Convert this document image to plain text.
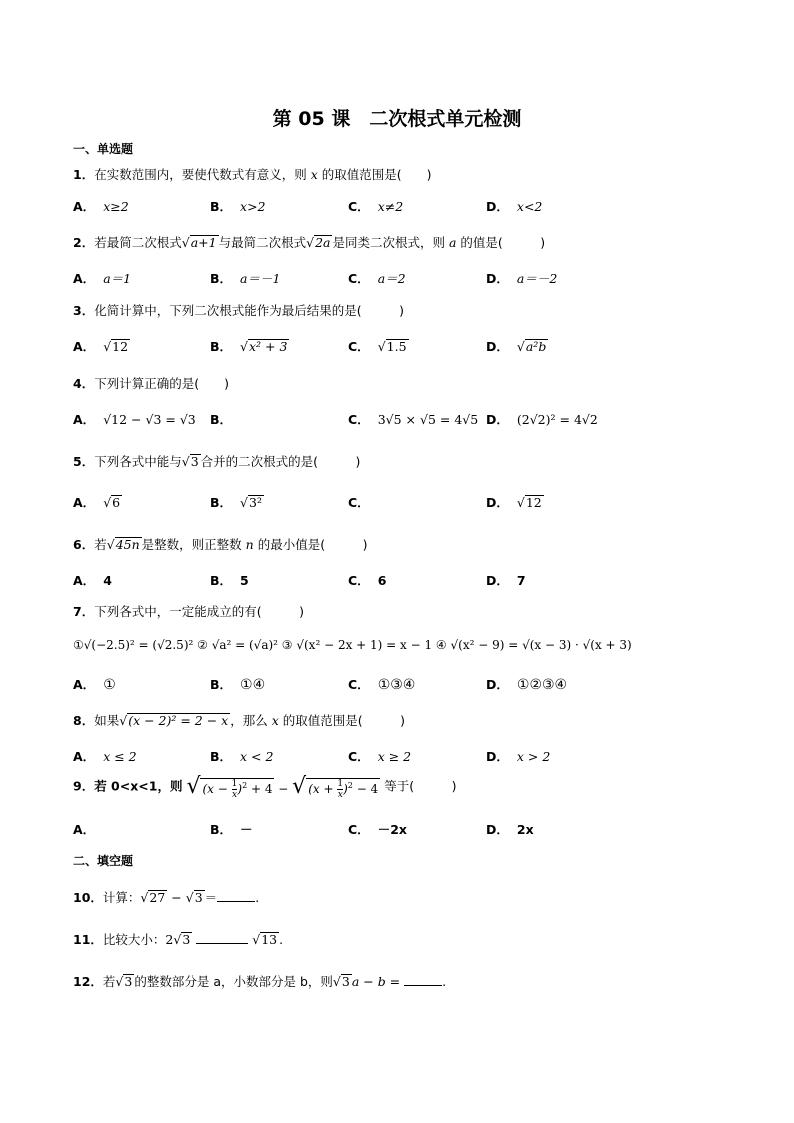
第 05 课　二次根式单元检测
一、单选题
1．在实数范围内，要使代数式有意义，则 x 的取值范围是(　　)
A． x≥2	B． x>2	C． x≠2	D． x<2
2．若最简二次根式√a+1 与最简二次根式√2a 是同类二次根式，则 a 的值是(　　　)
A． a＝1	B． a＝－1	C． a＝2	D． a＝－2
3．化简计算中，下列二次根式能作为最后结果的是(　　　)
A． √12	B． √x² + 3	C． √1.5	D． √a²b
4．下列计算正确的是(　　)
A． √12 − √3 = √3 B．	C． 3√5 × √5 = 4√5 D． (2√2)² = 4√2
5．下列各式中能与√3 合并的二次根式的是(　　　)
A． √6	B． √3²	C．	D． √12
6．若√45n 是整数，则正整数 n 的最小值是(　　　)
A． 4	B． 5	C． 6	D． 7
7．下列各式中，一定能成立的有(　　　)
①√(−2.5)² = (√2.5)² ② √a² = (√a)² ③ √(x² − 2x + 1) = x − 1 ④ √(x² − 9) = √(x − 3) · √(x + 3)
A． ①	B． ①④	C． ①③④	D． ①②③④
8．如果√(x − 2)² = 2 − x ，那么 x 的取值范围是(　　　)
A． x ≤ 2	B． x < 2	C． x ≥ 2	D． x > 2
9．若 0<x<1，则 √ $(x - \frac{1}{x} )^2 + 4$ − √ $(x + \frac{1}{x} )^2 - 4$ 等于(　　　)
A．	B． －	C． －2x	D． 2x
二、填空题
10．计算：√27 − √3 ＝	.
11．比较大小：2√3	√13 .
12．若√3 的整数部分是 a，小数部分是 b，则√3 a − b =	.
